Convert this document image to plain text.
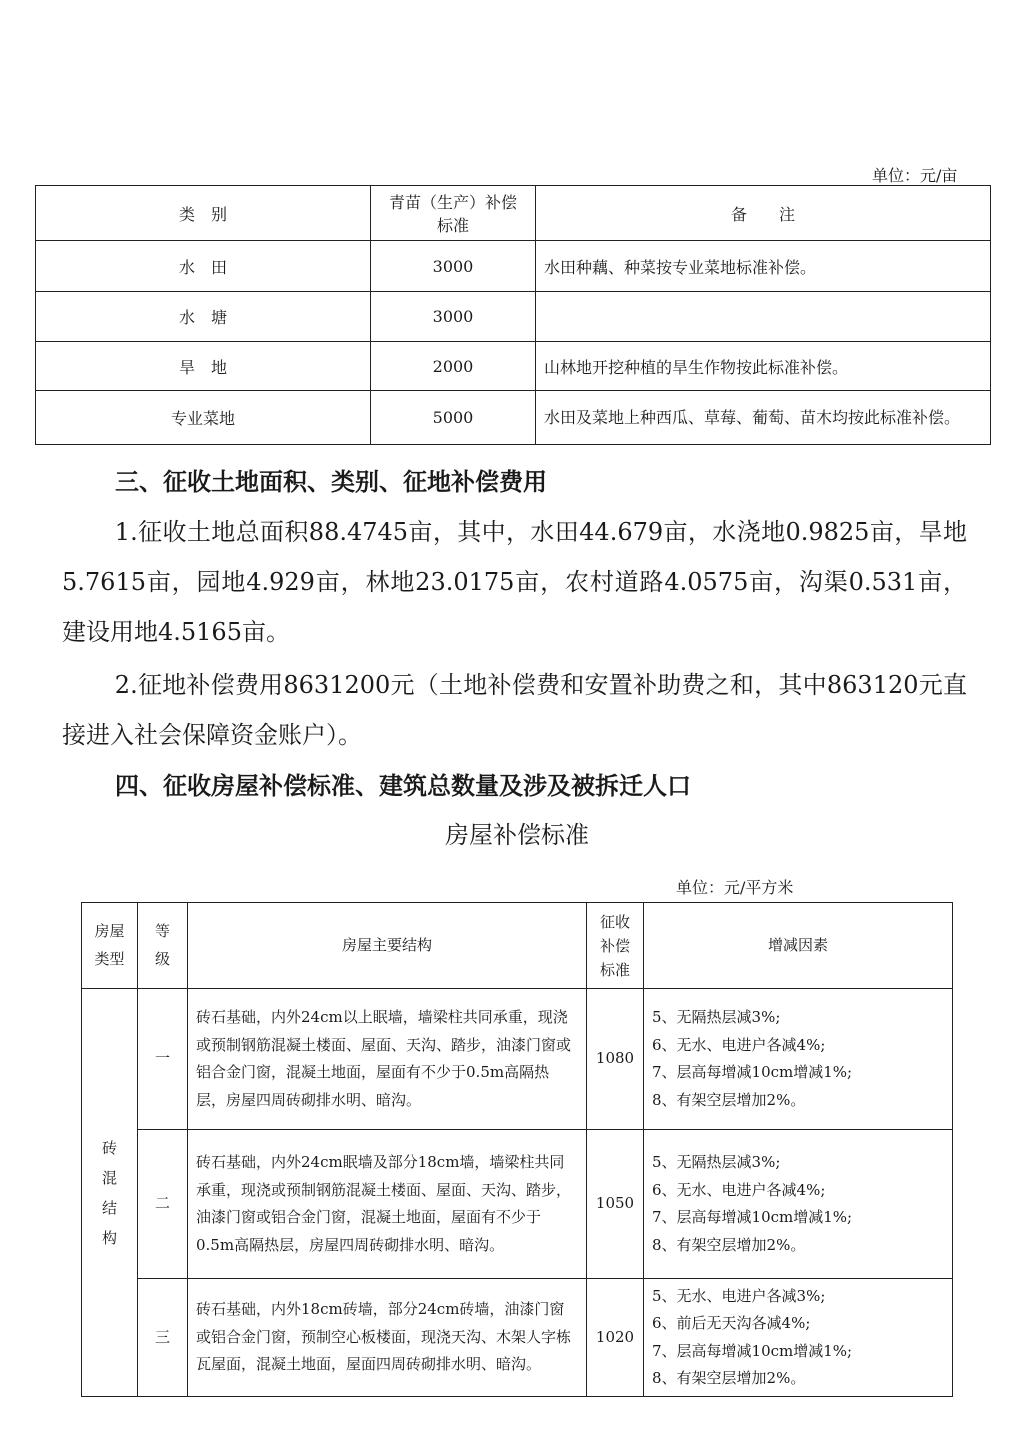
单位：元/亩
类　别	青苗（生产）补偿标准	备　　注
水　田	3000	水田种藕、种菜按专业菜地标准补偿。
水　塘	3000	
旱　地	2000	山林地开挖种植的旱生作物按此标准补偿。
专业菜地	5000	水田及菜地上种西瓜、草莓、葡萄、苗木均按此标准补偿。
三、征收土地面积、类别、征地补偿费用

1.征收土地总面积88.4745亩，其中，水田44.679亩，水浇地0.9825亩，旱地5.7615亩，园地4.929亩，林地23.0175亩，农村道路4.0575亩，沟渠0.531亩，建设用地4.5165亩。

2.征地补偿费用8631200元（土地补偿费和安置补助费之和，其中863120元直接进入社会保障资金账户）。

四、征收房屋补偿标准、建筑总数量及涉及被拆迁人口
房屋补偿标准
单位：元/平方米
房屋类型	等级	房屋主要结构	征收补偿标准	增减因素
砖混结构	一	砖石基础，内外24cm以上眠墙，墙梁柱共同承重，现浇或预制钢筋混凝土楼面、屋面、天沟、踏步，油漆门窗或铝合金门窗，混凝土地面，屋面有不少于0.5m高隔热层，房屋四周砖砌排水明、暗沟。	1080	5、无隔热层减3%;
6、无水、电进户各减4%;
7、层高每增减10cm增减1%;
8、有架空层增加2%。

	二	砖石基础，内外24cm眠墙及部分18cm墙，墙梁柱共同承重，现浇或预制钢筋混凝土楼面、屋面、天沟、踏步，油漆门窗或铝合金门窗，混凝土地面，屋面有不少于0.5m高隔热层，房屋四周砖砌排水明、暗沟。	1050	5、无隔热层减3%;
6、无水、电进户各减4%;
7、层高每增减10cm增减1%;
8、有架空层增加2%。

	三	砖石基础，内外18cm砖墙，部分24cm砖墙，油漆门窗或铝合金门窗，预制空心板楼面，现浇天沟、木架人字栋瓦屋面，混凝土地面，屋面四周砖砌排水明、暗沟。	1020	5、无水、电进户各减3%;
6、前后无天沟各减4%;
7、层高每增减10cm增减1%;
8、有架空层增加2%。
